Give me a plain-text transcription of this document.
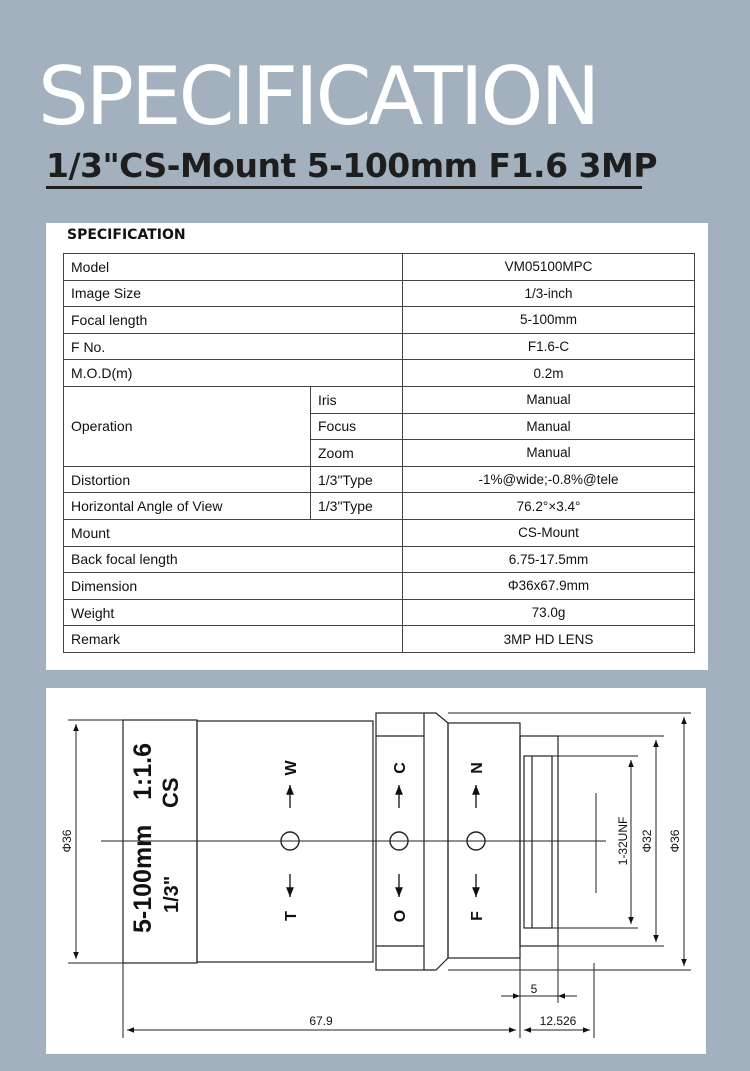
SPECIFICATION
1/3"CS-Mount 5-100mm F1.6 3MP
SPECIFICATION
Model		VM05100MPC
Image Size		1/3-inch
Focal length		5-100mm
F No.		F1.6-C
M.O.D(m)		0.2m
Operation	Iris	Manual
	Focus	Manual
	Zoom	Manual
Distortion	1/3"Type	-1%@wide;-0.8%@tele
Horizontal Angle of View	1/3"Type	76.2°×3.4°
Mount		CS-Mount
Back focal length		6.75-17.5mm
Dimension		Φ36x67.9mm
Weight		73.0g
Remark		3MP HD LENS
W
T
C
O
N
F
5-100mm 1/3"
1:1.6 CS
Φ36	Φ36
Φ32
1-32UNF
5
67.9	12.526
